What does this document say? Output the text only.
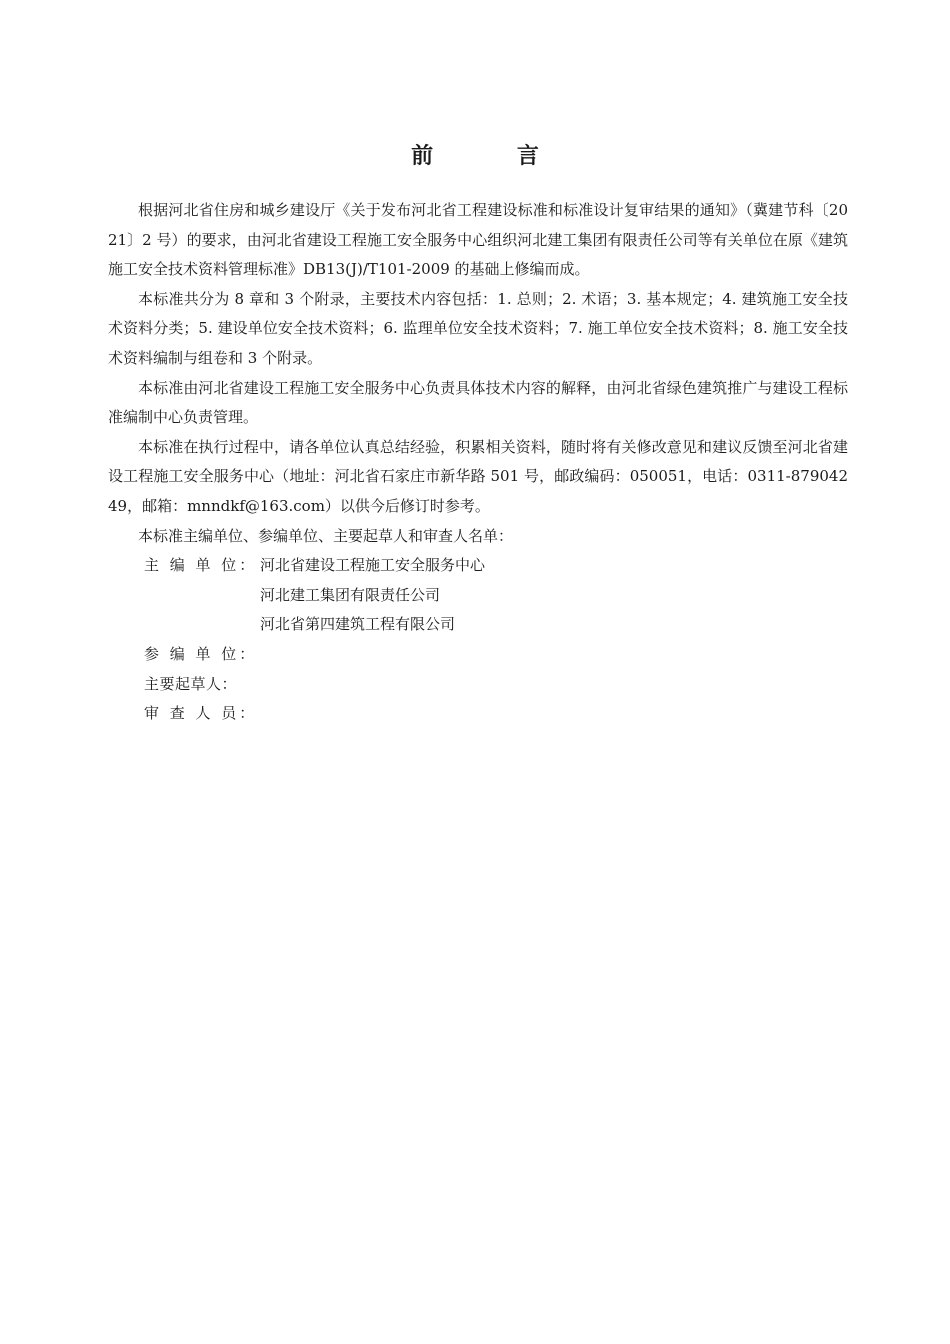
前 言

根据河北省住房和城乡建设厅《关于发布河北省工程建设标准和标准设计复审结果的通知》（冀建节科〔2021〕2 号）的要求，由河北省建设工程施工安全服务中心组织河北建工集团有限责任公司等有关单位在原《建筑施工安全技术资料管理标准》DB13(J)/T101-2009 的基础上修编而成。

本标准共分为 8 章和 3 个附录，主要技术内容包括：1. 总则；2. 术语；3. 基本规定；4. 建筑施工安全技术资料分类；5. 建设单位安全技术资料；6. 监理单位安全技术资料；7. 施工单位安全技术资料；8. 施工安全技术资料编制与组卷和 3 个附录。

本标准由河北省建设工程施工安全服务中心负责具体技术内容的解释，由河北省绿色建筑推广与建设工程标准编制中心负责管理。

本标准在执行过程中，请各单位认真总结经验，积累相关资料，随时将有关修改意见和建议反馈至河北省建设工程施工安全服务中心（地址：河北省石家庄市新华路 501 号，邮政编码：050051，电话：0311-87904249，邮箱：mnndkf@163.com）以供今后修订时参考。

本标准主编单位、参编单位、主要起草人和审查人名单：

主 编 单 位： 河北省建设工程施工安全服务中心
河北建工集团有限责任公司
河北省第四建筑工程有限公司
参 编 单 位：
主要起草人：
审 查 人 员：
